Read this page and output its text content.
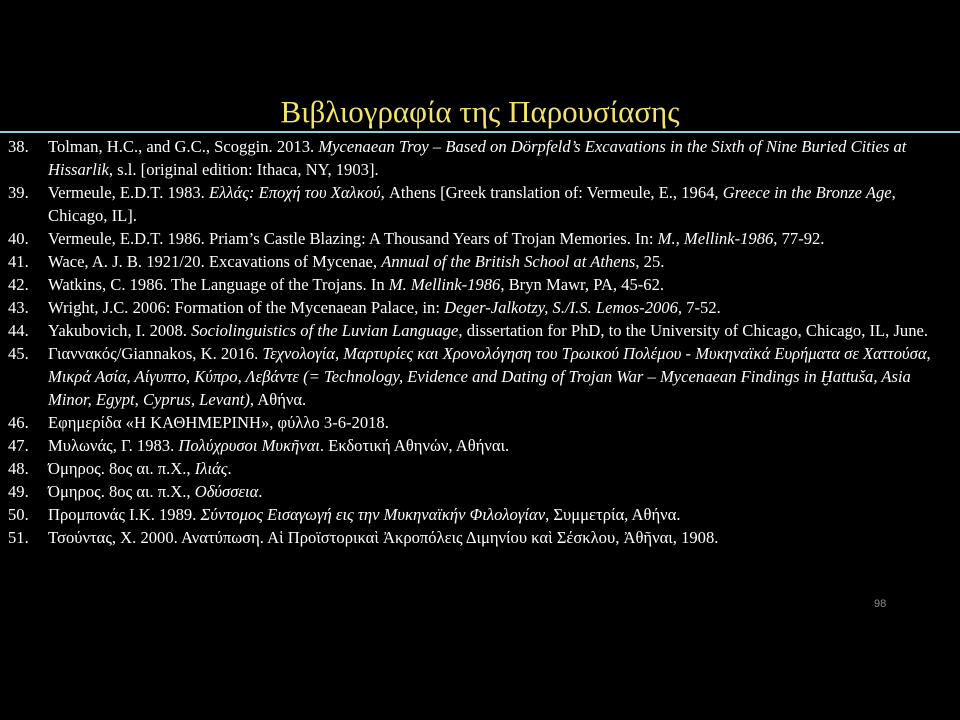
Βιβλιογραφία της Παρουσίασης
38.	Tolman, H.C., and G.C., Scoggin. 2013. Mycenaean Troy – Based on Dörpfeld’s Excavations in the Sixth of Nine Buried Cities at Hissarlik, s.l. [original edition: Ithaca, NY, 1903].
39.	Vermeule, E.D.T. 1983. Ελλάς: Εποχή του Χαλκού, Athens [Greek translation of: Vermeule, E., 1964, Greece in the Bronze Age, Chicago, IL].
40.	Vermeule, E.D.T. 1986. Priam’s Castle Blazing: A Thousand Years of Trojan Memories. In: M., Mellink-1986, 77-92.
41.	Wace, A. J. B. 1921/20. Excavations of Mycenae, Annual of the British School at Athens, 25.
42.	Watkins, C. 1986. The Language of the Trojans. In M. Mellink-1986, Bryn Mawr, PA, 45-62.
43.	Wright, J.C. 2006: Formation of the Mycenaean Palace, in: Deger-Jalkotzy, S./I.S. Lemos-2006, 7-52.
44.	Yakubovich, I. 2008. Sociolinguistics of the Luvian Language, dissertation for PhD, to the University of Chicago, Chicago, IL, June.
45.	Γιαννακός/Giannakos, K. 2016. Τεχνολογία, Μαρτυρίες και Χρονολόγηση του Τρωικού Πολέμου - Μυκηναϊκά Ευρήματα σε Χαττούσα, Μικρά Ασία, Αίγυπτο, Κύπρο, Λεβάντε (= Technology, Evidence and Dating of Trojan War – Mycenaean Findings in Ḫattuša, Asia Minor, Egypt, Cyprus, Levant), Αθήνα.
46.	Εφημερίδα «Η ΚΑΘΗΜΕΡΙΝΗ», φύλλο 3-6-2018.
47.	Μυλωνάς, Γ. 1983. Πολύχρυσοι Μυκῆναι. Εκδοτική Αθηνών, Αθήναι.
48.	Όμηρος. 8ος αι. π.Χ., Ιλιάς.
49.	Όμηρος. 8ος αι. π.Χ., Οδύσσεια.
50.	Προμπονάς Ι.Κ. 1989. Σύντομος Εισαγωγή εις την Μυκηναϊκήν Φιλολογίαν, Συμμετρία, Αθήνα.
51.	Τσούντας, Χ. 2000. Ανατύπωση. Αἱ Προϊστορικαὶ Ἀκροπόλεις Διμηνίου καὶ Σέσκλου, Ἀθῆναι, 1908.
98
